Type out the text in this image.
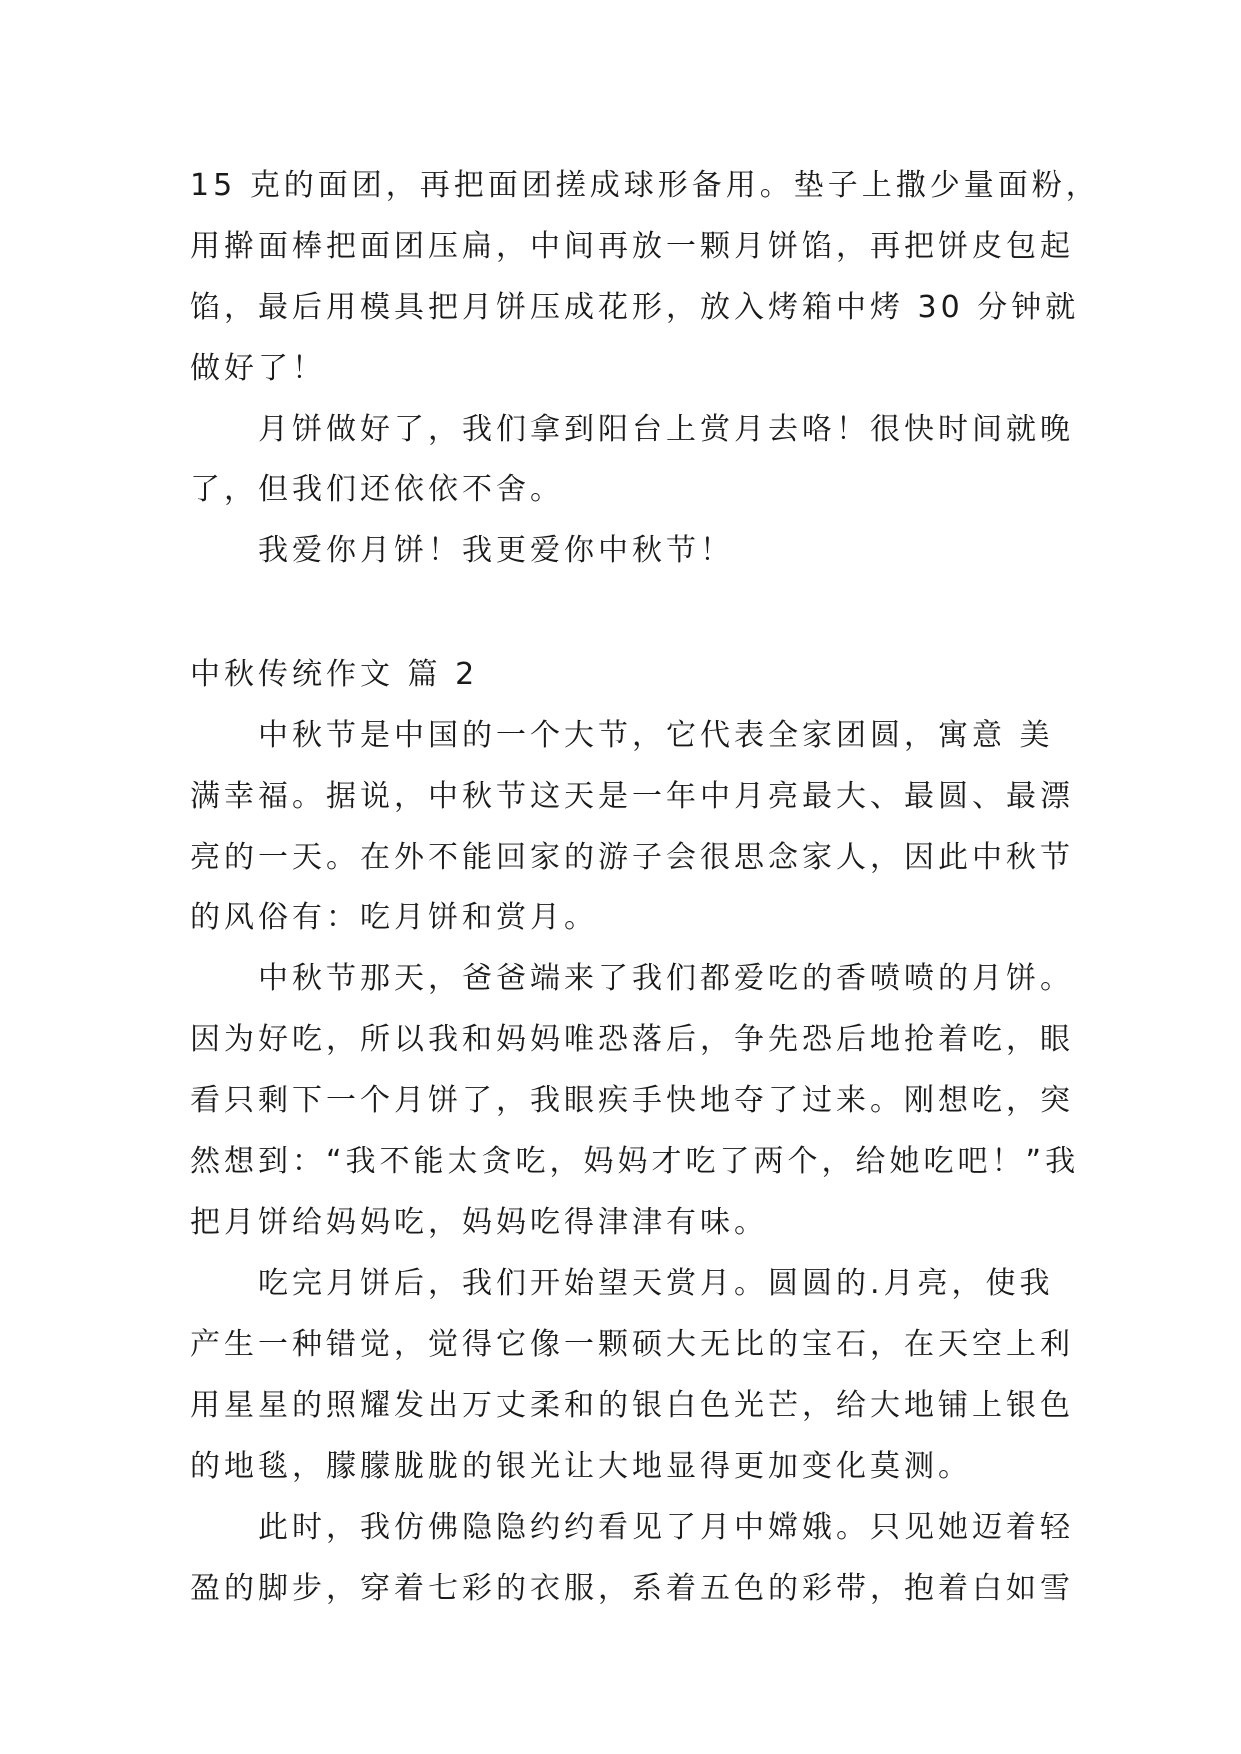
15 克的面团，再把面团搓成球形备用。垫子上撒少量面粉，
用擀面棒把面团压扁，中间再放一颗月饼馅，再把饼皮包起
馅，最后用模具把月饼压成花形，放入烤箱中烤 30 分钟就
做好了！
月饼做好了，我们拿到阳台上赏月去咯！很快时间就晚
了，但我们还依依不舍。
我爱你月饼！我更爱你中秋节！
中秋传统作文 篇 2
中秋节是中国的一个大节，它代表全家团圆，寓意 美
满幸福。据说，中秋节这天是一年中月亮最大、最圆、最漂
亮的一天。在外不能回家的游子会很思念家人，因此中秋节
的风俗有：吃月饼和赏月。
中秋节那天，爸爸端来了我们都爱吃的香喷喷的月饼。
因为好吃，所以我和妈妈唯恐落后，争先恐后地抢着吃，眼
看只剩下一个月饼了，我眼疾手快地夺了过来。刚想吃，突
然想到：“我不能太贪吃，妈妈才吃了两个，给她吃吧！”我
把月饼给妈妈吃，妈妈吃得津津有味。
吃完月饼后，我们开始望天赏月。圆圆的.月亮，使我
产生一种错觉，觉得它像一颗硕大无比的宝石，在天空上利
用星星的照耀发出万丈柔和的银白色光芒，给大地铺上银色
的地毯，朦朦胧胧的银光让大地显得更加变化莫测。
此时，我仿佛隐隐约约看见了月中嫦娥。只见她迈着轻
盈的脚步，穿着七彩的衣服，系着五色的彩带，抱着白如雪
